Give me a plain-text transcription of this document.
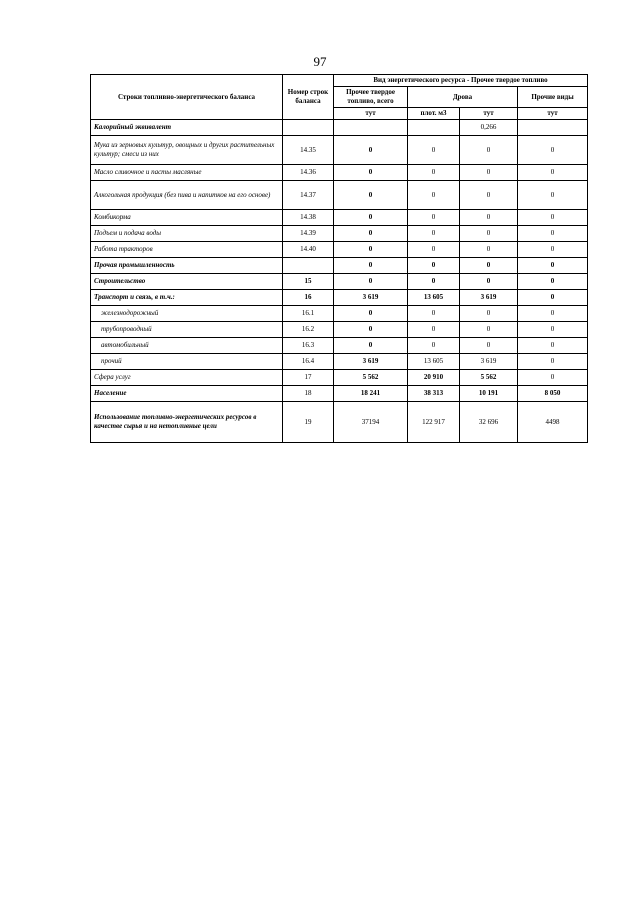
97
Строки топливно-энергетического баланса	Номер строк баланса	Вид энергетического ресурса - Прочее твердое топливо			
		Прочее твердое топливо, всего	Дрова		Прочие виды
		тут	плот. м3	тут	тут
Калорийный эквивалент				0,266	
Мука из зерновых культур, овощных и других растительных культур; смеси из них	14.35	0	0	0	0
Масло сливочное и пасты масляные	14.36	0	0	0	0
Алкогольная продукция (без пива и напитков на его основе)	14.37	0	0	0	0
Комбикорма	14.38	0	0	0	0
Подъем и подача воды	14.39	0	0	0	0
Работа тракторов	14.40	0	0	0	0
Прочая промышленность		0	0	0	0
Строительство	15	0	0	0	0
Транспорт и связь, в т.ч.:	16	3 619	13 605	3 619	0
железнодорожный	16.1	0	0	0	0
трубопроводный	16.2	0	0	0	0
автомобильный	16.3	0	0	0	0
прочий	16.4	3 619	13 605	3 619	0
Сфера услуг	17	5 562	20 910	5 562	0
Население	18	18 241	38 313	10 191	8 050
Использование топливно-энергетических ресурсов в качестве сырья и на нетопливные цели	19	37194	122 917	32 696	4498
